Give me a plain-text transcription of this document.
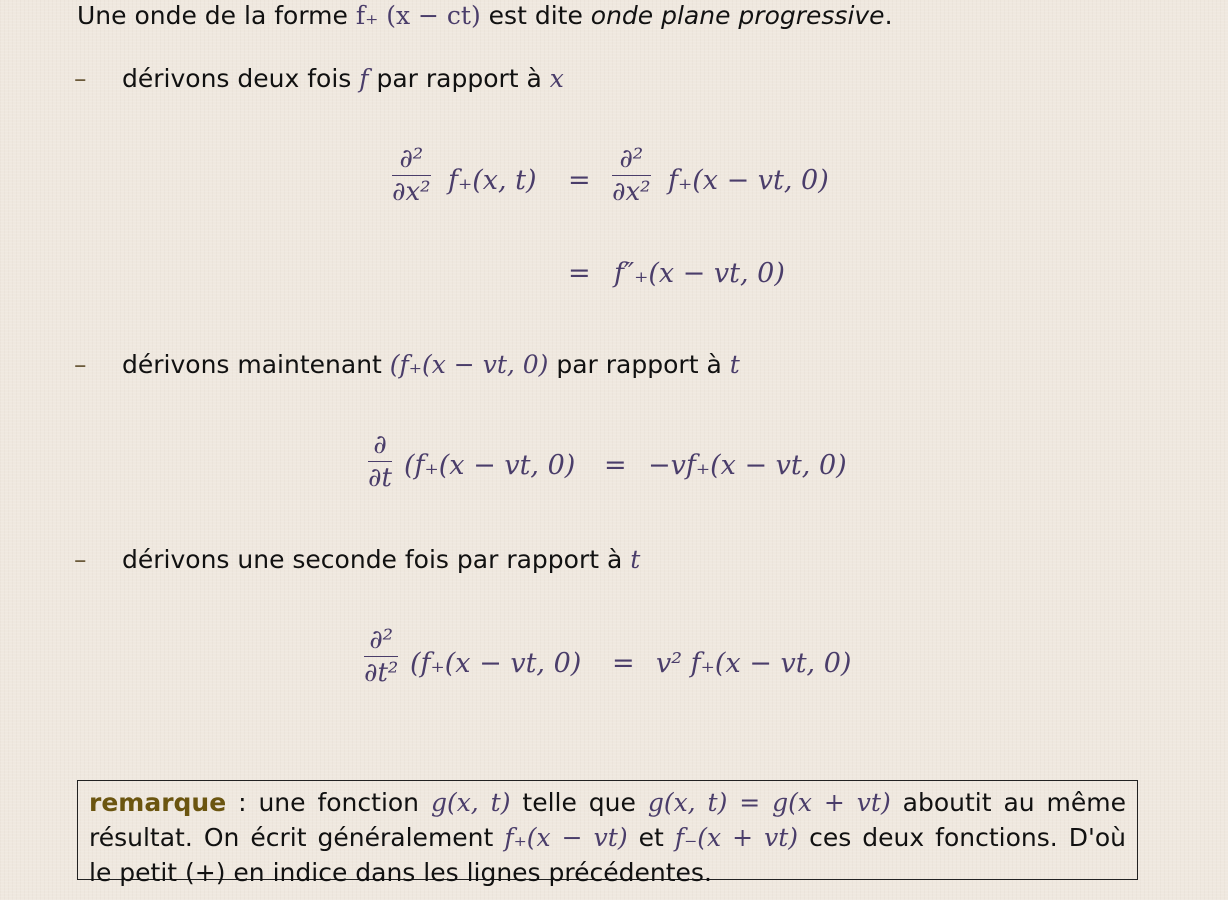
Une onde de la forme f₊ (x − ct) est dite onde plane progressive.
– dérivons deux fois f par rapport à x
∂²
∂x² f₊(x, t) =
∂²
∂x² f₊(x − vt, 0)
= f″₊(x − vt, 0)
– dérivons maintenant (f₊(x − vt, 0) par rapport à t
∂
∂t (f₊(x − vt, 0) = −vf₊(x − vt, 0)
– dérivons une seconde fois par rapport à t
∂²
∂t² (f₊(x − vt, 0) = v² f₊(x − vt, 0)
remarque : une fonction g(x, t) telle que g(x, t) = g(x + vt) aboutit au même
résultat. On écrit généralement f₊(x − vt) et f₋(x + vt) ces deux fonctions. D'où
le petit (+) en indice dans les lignes précédentes.
